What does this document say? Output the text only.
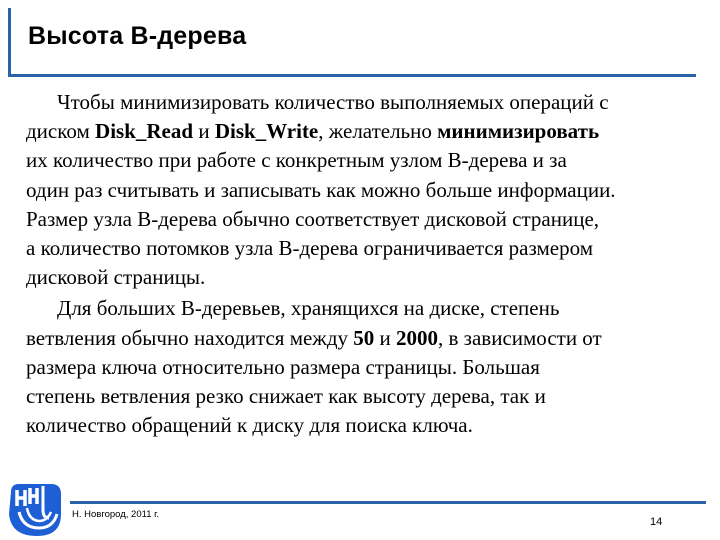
Высота B-дерева
Чтобы минимизировать количество выполняемых операций с
диском Disk_Read и Disk_Write, желательно минимизировать
их количество при работе с конкретным узлом B-дерева и за
один раз считывать и записывать как можно больше информации.
Размер узла B-дерева обычно соответствует дисковой странице,
а количество потомков узла B-дерева ограничивается размером
дисковой страницы.
Для больших B-деревьев, хранящихся на диске, степень
ветвления обычно находится между 50 и 2000, в зависимости от
размера ключа относительно размера страницы. Большая
степень ветвления резко снижает как высоту дерева, так и
количество обращений к диску для поиска ключа.
Н. Новгород, 2011 г.
14
